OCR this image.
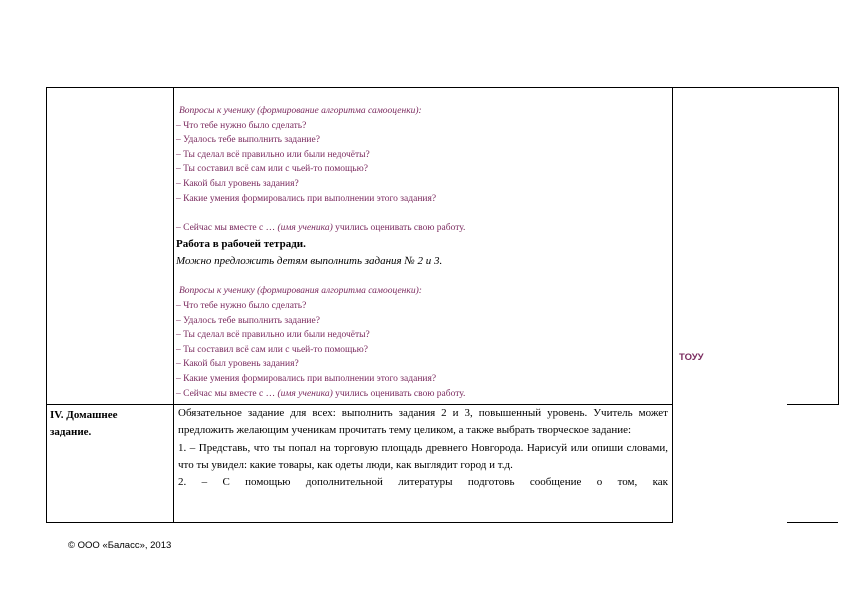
Вопросы к ученику (формирование алгоритма самооценки):
– Что тебе нужно было сделать?
– Удалось тебе выполнить задание?
– Ты сделал всё правильно или были недочёты?
– Ты составил всё сам или с чьей-то помощью?
– Какой был уровень задания?
– Какие умения формировались при выполнении этого задания?
– Сейчас мы вместе с … (имя ученика) учились оценивать свою работу.
Работа в рабочей тетради.
Можно предложить детям выполнить задания № 2 и 3.
Вопросы к ученику (формирования алгоритма самооценки):
– Что тебе нужно было сделать?
– Удалось тебе выполнить задание?
– Ты сделал всё правильно или были недочёты?
– Ты составил всё сам или с чьей-то помощью?
– Какой был уровень задания?
– Какие умения формировались при выполнении этого задания?
– Сейчас мы вместе с … (имя ученика) учились оценивать свою работу.
ТОУУ
IV. Домашнее
задание.

Обязательное задание для всех: выполнить задания 2 и 3, повышенный уровень. Учитель может предложить желающим ученикам прочитать тему целиком, а также выбрать творческое задание:

1. – Представь, что ты попал на торговую площадь древнего Новгорода. Нарисуй или опиши словами, что ты увидел: какие товары, как одеты люди, как выглядит город и т.д.

2. – С помощью дополнительной литературы подготовь сообщение о том, как

© ООО «Баласс», 2013
